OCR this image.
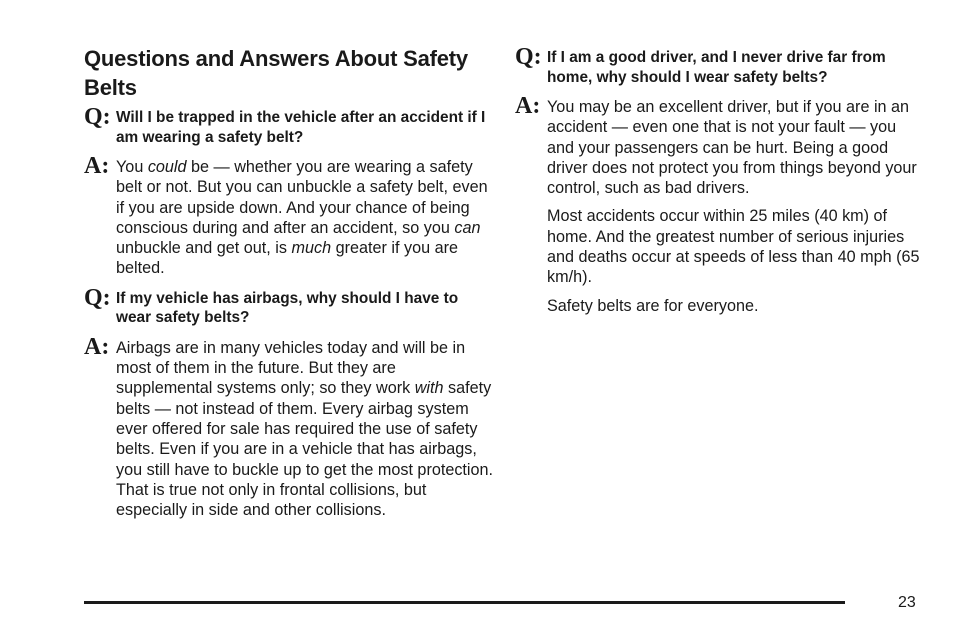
Questions and Answers About Safety Belts
Q: Will I be trapped in the vehicle after an accident if I am wearing a safety belt?
A: You could be — whether you are wearing a safety belt or not. But you can unbuckle a safety belt, even if you are upside down. And your chance of being conscious during and after an accident, so you can unbuckle and get out, is much greater if you are belted.

Q: If my vehicle has airbags, why should I have to wear safety belts?
A: Airbags are in many vehicles today and will be in most of them in the future. But they are supplemental systems only; so they work with safety belts — not instead of them. Every airbag system ever offered for sale has required the use of safety belts. Even if you are in a vehicle that has airbags, you still have to buckle up to get the most protection. That is true not only in frontal collisions, but especially in side and other collisions.

Q: If I am a good driver, and I never drive far from home, why should I wear safety belts?
A: You may be an excellent driver, but if you are in an accident — even one that is not your fault — you and your passengers can be hurt. Being a good driver does not protect you from things beyond your control, such as bad drivers.

Most accidents occur within 25 miles (40 km) of home. And the greatest number of serious injuries and deaths occur at speeds of less than 40 mph (65 km/h).

Safety belts are for everyone.

23
